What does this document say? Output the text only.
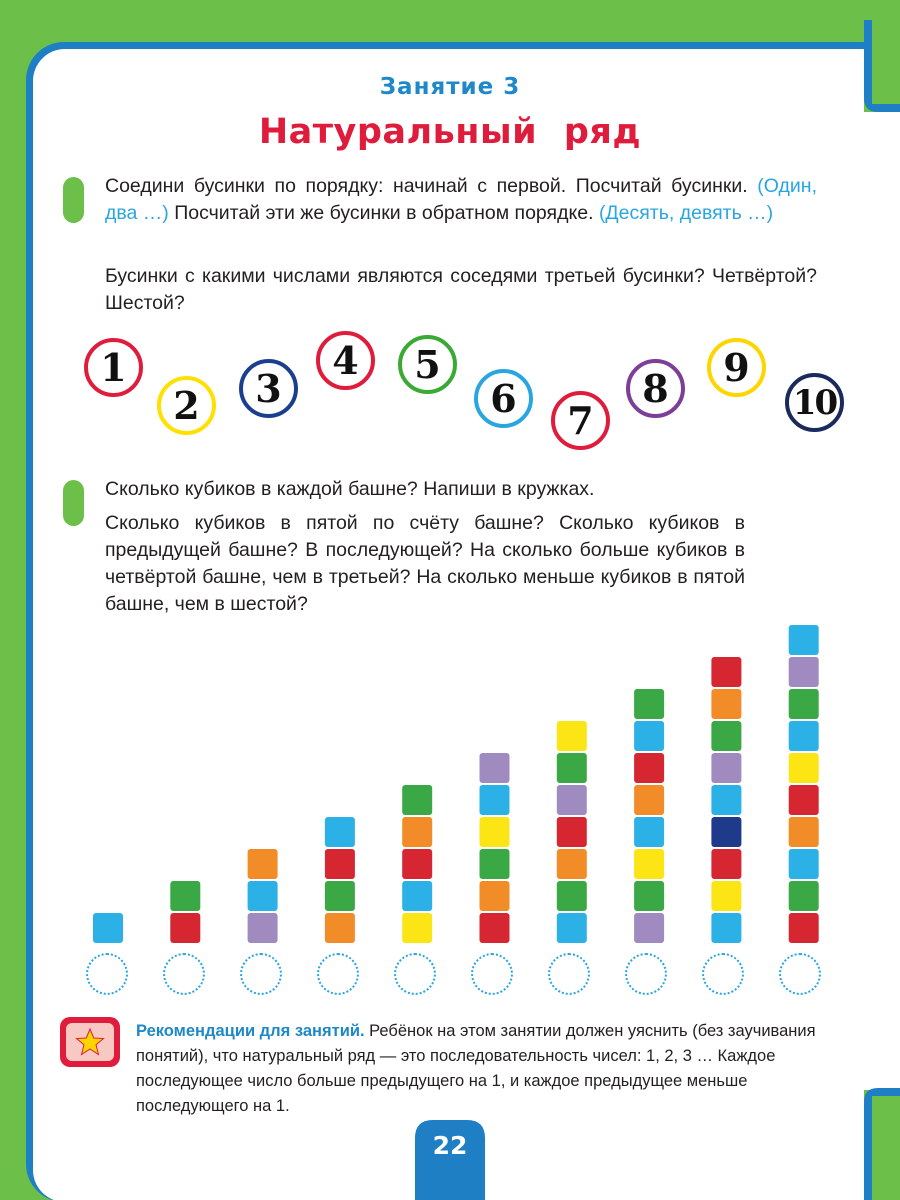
Занятие 3
Натуральный ряд

Соедини бусинки по порядку: начинай с первой. Посчитай бусинки. (Один, два …) Посчитай эти же бусинки в обратном порядке. (Десять, девять …)

Бусинки с какими числами являются соседями третьей бусинки? Четвёртой? Шестой?

1
2 3
4 5
6 7
8 9
10

Сколько кубиков в каждой башне? Напиши в кружках.

Сколько кубиков в пятой по счёту башне? Сколько кубиков в предыдущей башне? В последующей? На сколько больше кубиков в четвёртой башне, чем в третьей? На сколько меньше кубиков в пятой башне, чем в шестой?

Рекомендации для занятий. Ребёнок на этом занятии должен уяснить (без заучивания понятий), что натуральный ряд — это последовательность чисел: 1, 2, 3 … Каждое последующее число больше предыдущего на 1, и каждое предыдущее меньше последующего на 1.

22
